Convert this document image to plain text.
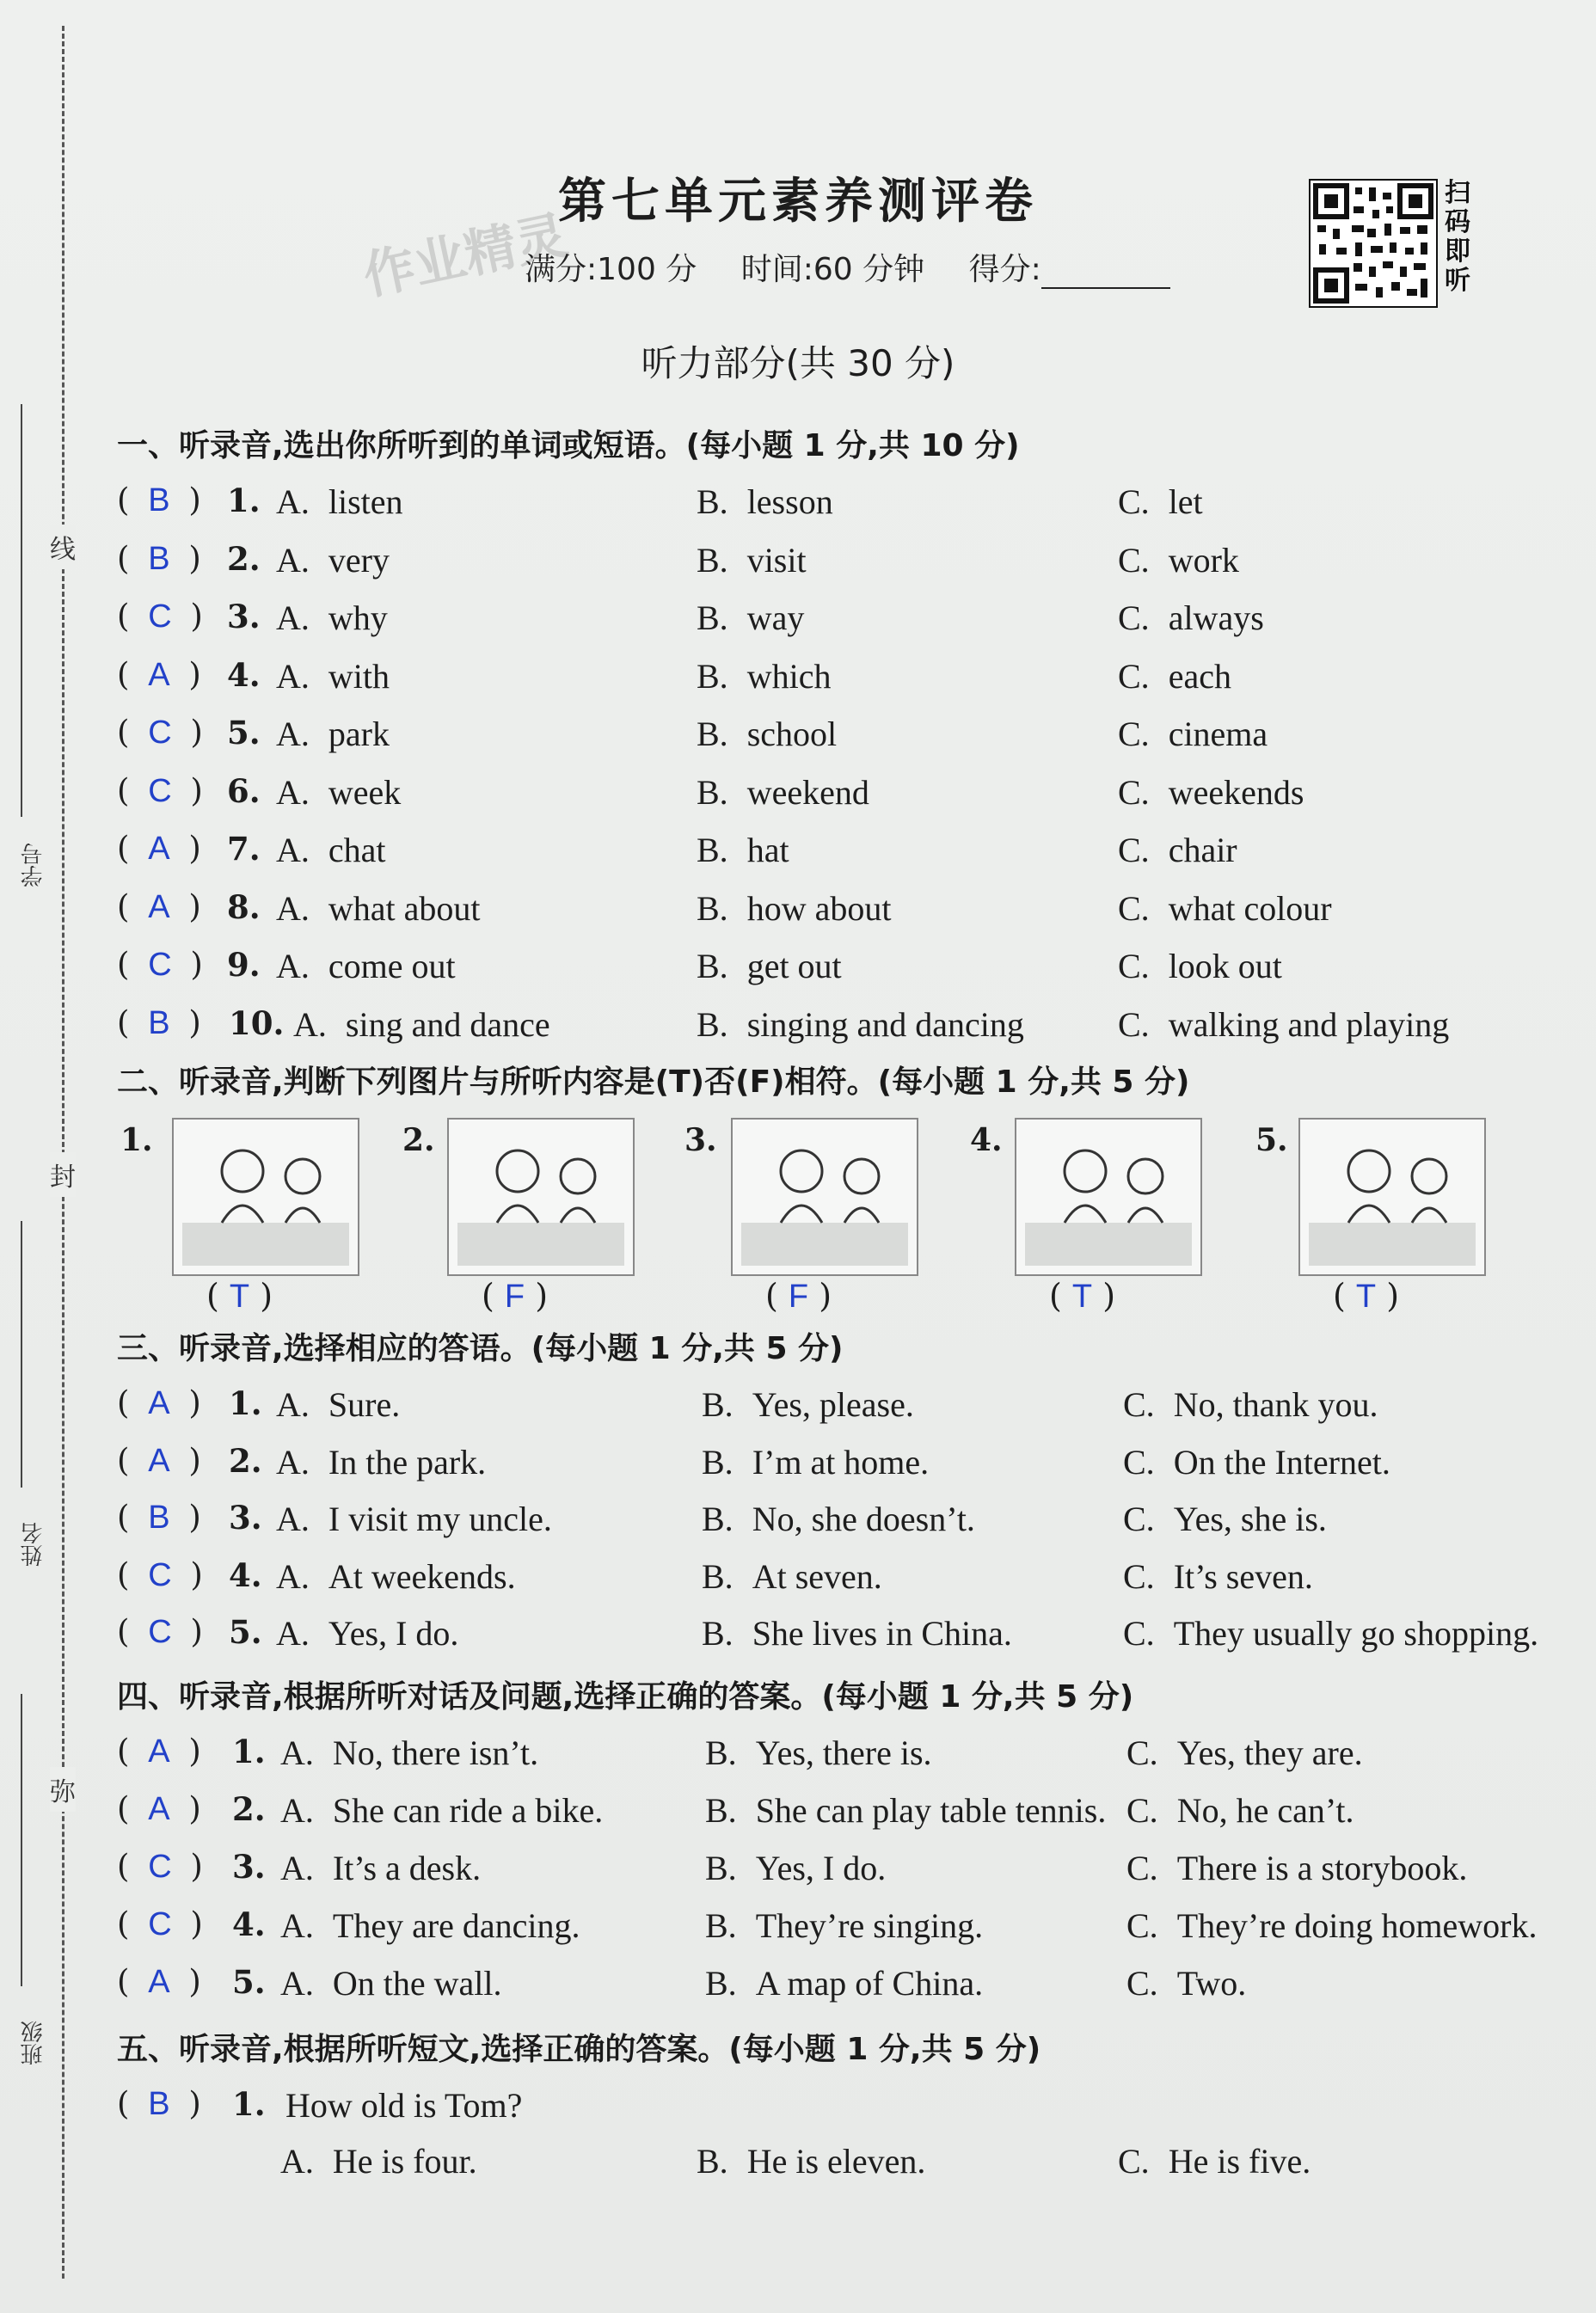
线
封
弥
学号
姓名
班级
第七单元素养测评卷
作业精灵
满分:100 分 时间:60 分钟 得分:
扫码即听
听力部分(共 30 分)
一、听录音,选出你所听到的单词或短语。(每小题 1 分,共 10 分)
( B ) 1. A. listen	B. lesson	C. let
( B ) 2. A. very	B. visit	C. work
( C ) 3. A. why	B. way	C. always
( A ) 4. A. with	B. which	C. each
( C ) 5. A. park	B. school	C. cinema
( C ) 6. A. week	B. weekend	C. weekends
( A ) 7. A. chat	B. hat	C. chair
( A ) 8. A. what about	B. how about	C. what colour
( C ) 9. A. come out	B. get out	C. look out
( B ) 10. A. sing and dance	B. singing and dancing	C. walking and playing
二、听录音,判断下列图片与所听内容是(T)否(F)相符。(每小题 1 分,共 5 分)
1.
( T )
2.
( F )
3.
( F )
4.
( T )
5.
( T )
三、听录音,选择相应的答语。(每小题 1 分,共 5 分)
( A ) 1. A. Sure.	B. Yes, please.	C. No, thank you.
( A ) 2. A. In the park.	B. I’m at home.	C. On the Internet.
( B ) 3. A. I visit my uncle.	B. No, she doesn’t.	C. Yes, she is.
( C ) 4. A. At weekends.	B. At seven.	C. It’s seven.
( C ) 5. A. Yes, I do.	B. She lives in China.	C. They usually go shopping.
四、听录音,根据所听对话及问题,选择正确的答案。(每小题 1 分,共 5 分)
( A ) 1. A. No, there isn’t.	B. Yes, there is.	C. Yes, they are.
( A ) 2. A. She can ride a bike.	B. She can play table tennis. C. No, he can’t.
( C ) 3. A. It’s a desk.	B. Yes, I do.	C. There is a storybook.
( C ) 4. A. They are dancing.	B. They’re singing.	C. They’re doing homework.
( A ) 5. A. On the wall.	B. A map of China.	C. Two.
五、听录音,根据所听短文,选择正确的答案。(每小题 1 分,共 5 分)
( B ) 1. How old is Tom?
A. He is four.	B. He is eleven.	C. He is five.
